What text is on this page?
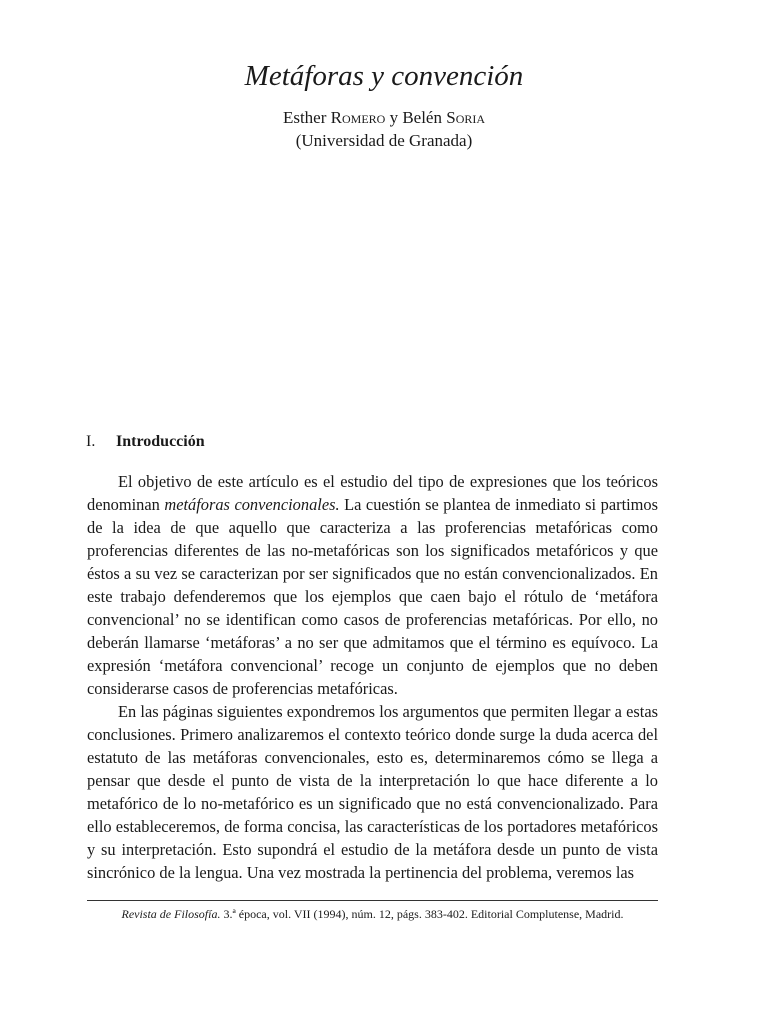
Metáforas y convención
Esther Romero y Belén Soria
(Universidad de Granada)
I. Introducción

El objetivo de este artículo es el estudio del tipo de expresiones que los teóricos denominan metáforas convencionales. La cuestión se plantea de inmediato si partimos de la idea de que aquello que caracteriza a las proferencias metafóricas como proferencias diferentes de las no-metafóricas son los significados metafóricos y que éstos a su vez se caracterizan por ser significados que no están convencionalizados. En este trabajo defenderemos que los ejemplos que caen bajo el rótulo de ‘metáfora convencional’ no se identifican como casos de proferencias metafóricas. Por ello, no deberán llamarse ‘metáforas’ a no ser que admitamos que el término es equívoco. La expresión ‘metáfora convencional’ recoge un conjunto de ejemplos que no deben considerarse casos de proferencias metafóricas.

En las páginas siguientes expondremos los argumentos que permiten llegar a estas conclusiones. Primero analizaremos el contexto teórico donde surge la duda acerca del estatuto de las metáforas convencionales, esto es, determinaremos cómo se llega a pensar que desde el punto de vista de la interpretación lo que hace diferente a lo metafórico de lo no-metafórico es un significado que no está convencionalizado. Para ello estableceremos, de forma concisa, las características de los portadores metafóricos y su interpretación. Esto supondrá el estudio de la metáfora desde un punto de vista sincrónico de la lengua. Una vez mostrada la pertinencia del problema, veremos las

Revista de Filosofía. 3.ª época, vol. VII (1994), núm. 12, págs. 383-402. Editorial Complutense, Madrid.
